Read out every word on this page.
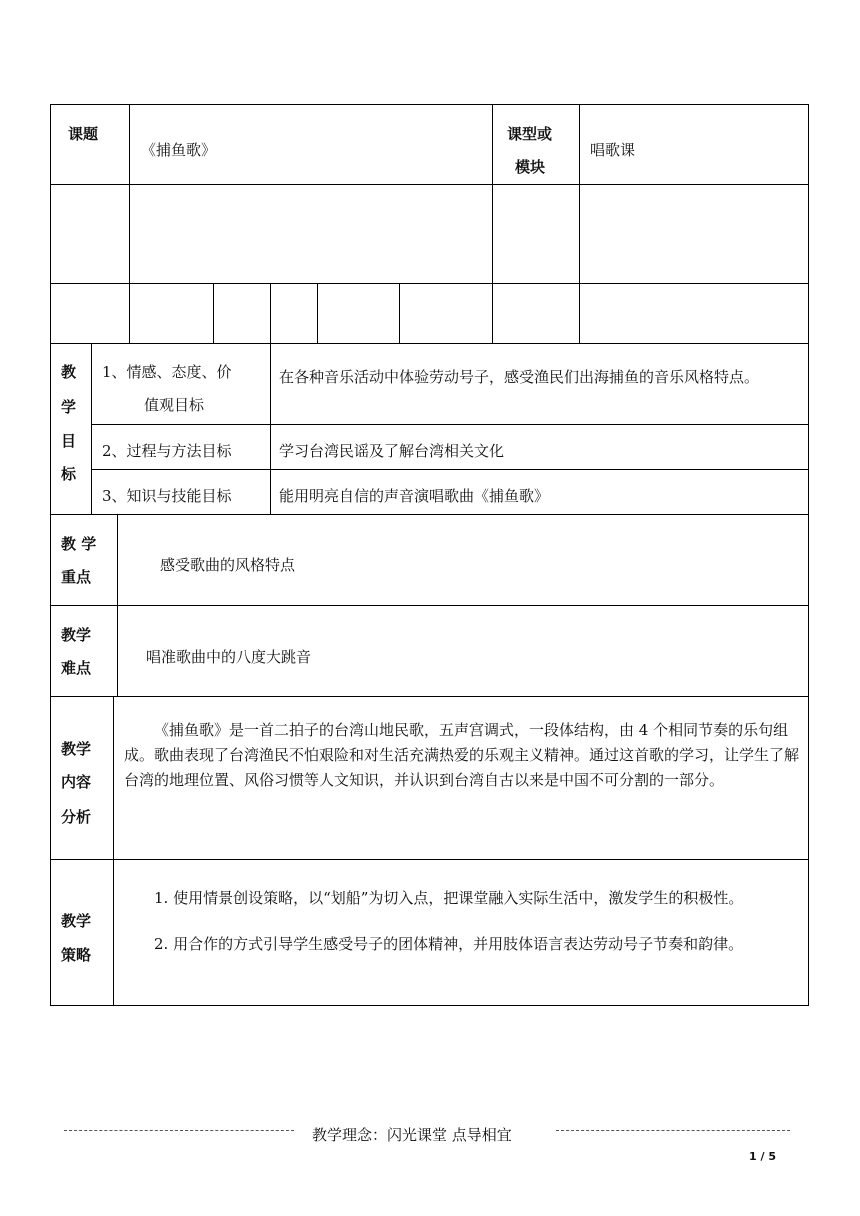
课题
《捕鱼歌》
课型或
模块
唱歌课
教
学
目
标
1、情感、态度、价
值观目标
在各种音乐活动中体验劳动号子，感受渔民们出海捕鱼的音乐风格特点。
2、过程与方法目标	学习台湾民谣及了解台湾相关文化
3、知识与技能目标	能用明亮自信的声音演唱歌曲《捕鱼歌》
教 学
重点
感受歌曲的风格特点
教学
难点
唱准歌曲中的八度大跳音
教学
内容
分析
《捕鱼歌》是一首二拍子的台湾山地民歌，五声宫调式，一段体结构，由 4 个相同节奏的乐句组成。歌曲表现了台湾渔民不怕艰险和对生活充满热爱的乐观主义精神。通过这首歌的学习，让学生了解台湾的地理位置、风俗习惯等人文知识，并认识到台湾自古以来是中国不可分割的一部分。
教学
策略
1. 使用情景创设策略，以“划船”为切入点，把课堂融入实际生活中，激发学生的积极性。
2. 用合作的方式引导学生感受号子的团体精神，并用肢体语言表达劳动号子节奏和韵律。
教学理念：闪光课堂 点导相宜
1 / 5
